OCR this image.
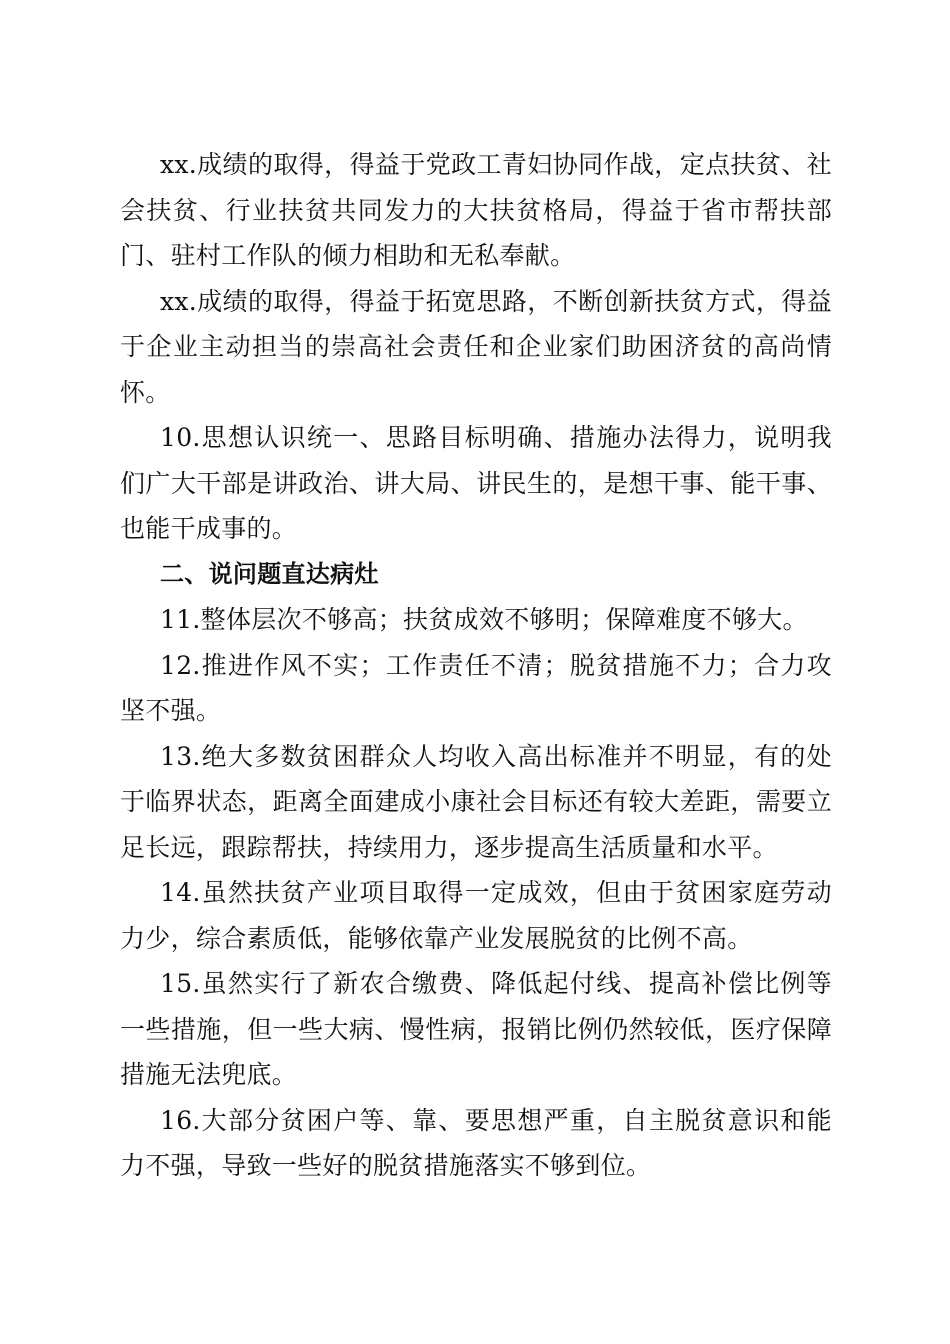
xx.成绩的取得，得益于党政工青妇协同作战，定点扶贫、社会扶贫、行业扶贫共同发力的大扶贫格局，得益于省市帮扶部门、驻村工作队的倾力相助和无私奉献。

xx.成绩的取得，得益于拓宽思路，不断创新扶贫方式，得益于企业主动担当的崇高社会责任和企业家们助困济贫的高尚情怀。

10.思想认识统一、思路目标明确、措施办法得力，说明我们广大干部是讲政治、讲大局、讲民生的，是想干事、能干事、也能干成事的。

二、说问题直达病灶

11.整体层次不够高；扶贫成效不够明；保障难度不够大。

12.推进作风不实；工作责任不清；脱贫措施不力；合力攻坚不强。

13.绝大多数贫困群众人均收入高出标准并不明显，有的处于临界状态，距离全面建成小康社会目标还有较大差距，需要立足长远，跟踪帮扶，持续用力，逐步提高生活质量和水平。

14.虽然扶贫产业项目取得一定成效，但由于贫困家庭劳动力少，综合素质低，能够依靠产业发展脱贫的比例不高。

15.虽然实行了新农合缴费、降低起付线、提高补偿比例等一些措施，但一些大病、慢性病，报销比例仍然较低，医疗保障措施无法兜底。

16.大部分贫困户等、靠、要思想严重，自主脱贫意识和能力不强，导致一些好的脱贫措施落实不够到位。
